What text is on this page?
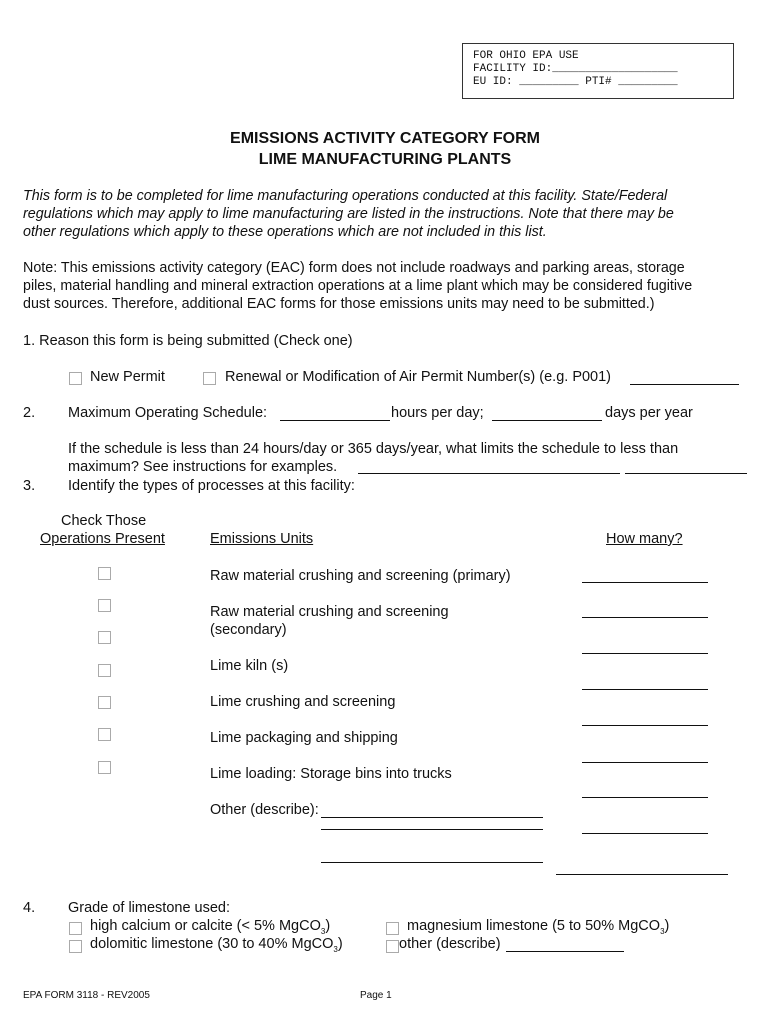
FOR OHIO EPA USE
FACILITY ID:___________________
EU ID: _________ PTI# _________
EMISSIONS ACTIVITY CATEGORY FORM
LIME MANUFACTURING PLANTS
This form is to be completed for lime manufacturing operations conducted at this facility. State/Federal
regulations which may apply to lime manufacturing are listed in the instructions. Note that there may be
other regulations which apply to these operations which are not included in this list.
Note: This emissions activity category (EAC) form does not include roadways and parking areas, storage
piles, material handling and mineral extraction operations at a lime plant which may be considered fugitive
dust sources. Therefore, additional EAC forms for those emissions units may need to be submitted.)
1. Reason this form is being submitted (Check one)
New Permit	Renewal or Modification of Air Permit Number(s) (e.g. P001)
2. Maximum Operating Schedule:	hours per day;	days per year
If the schedule is less than 24 hours/day or 365 days/year, what limits the schedule to less than
maximum? See instructions for examples.
3. Identify the types of processes at this facility:
Check Those
Operations Present	Emissions Units	How many?
Raw material crushing and screening (primary)
Raw material crushing and screening
(secondary)
Lime kiln (s)
Lime crushing and screening
Lime packaging and shipping
Lime loading: Storage bins into trucks
Other (describe):
4. Grade of limestone used:
high calcium or calcite (< 5% MgCO$_3$)	magnesium limestone (5 to 50% MgCO$_3$)
dolomitic limestone (30 to 40% MgCO$_3$)	other (describe)
EPA FORM 3118 - REV2005	Page 1
